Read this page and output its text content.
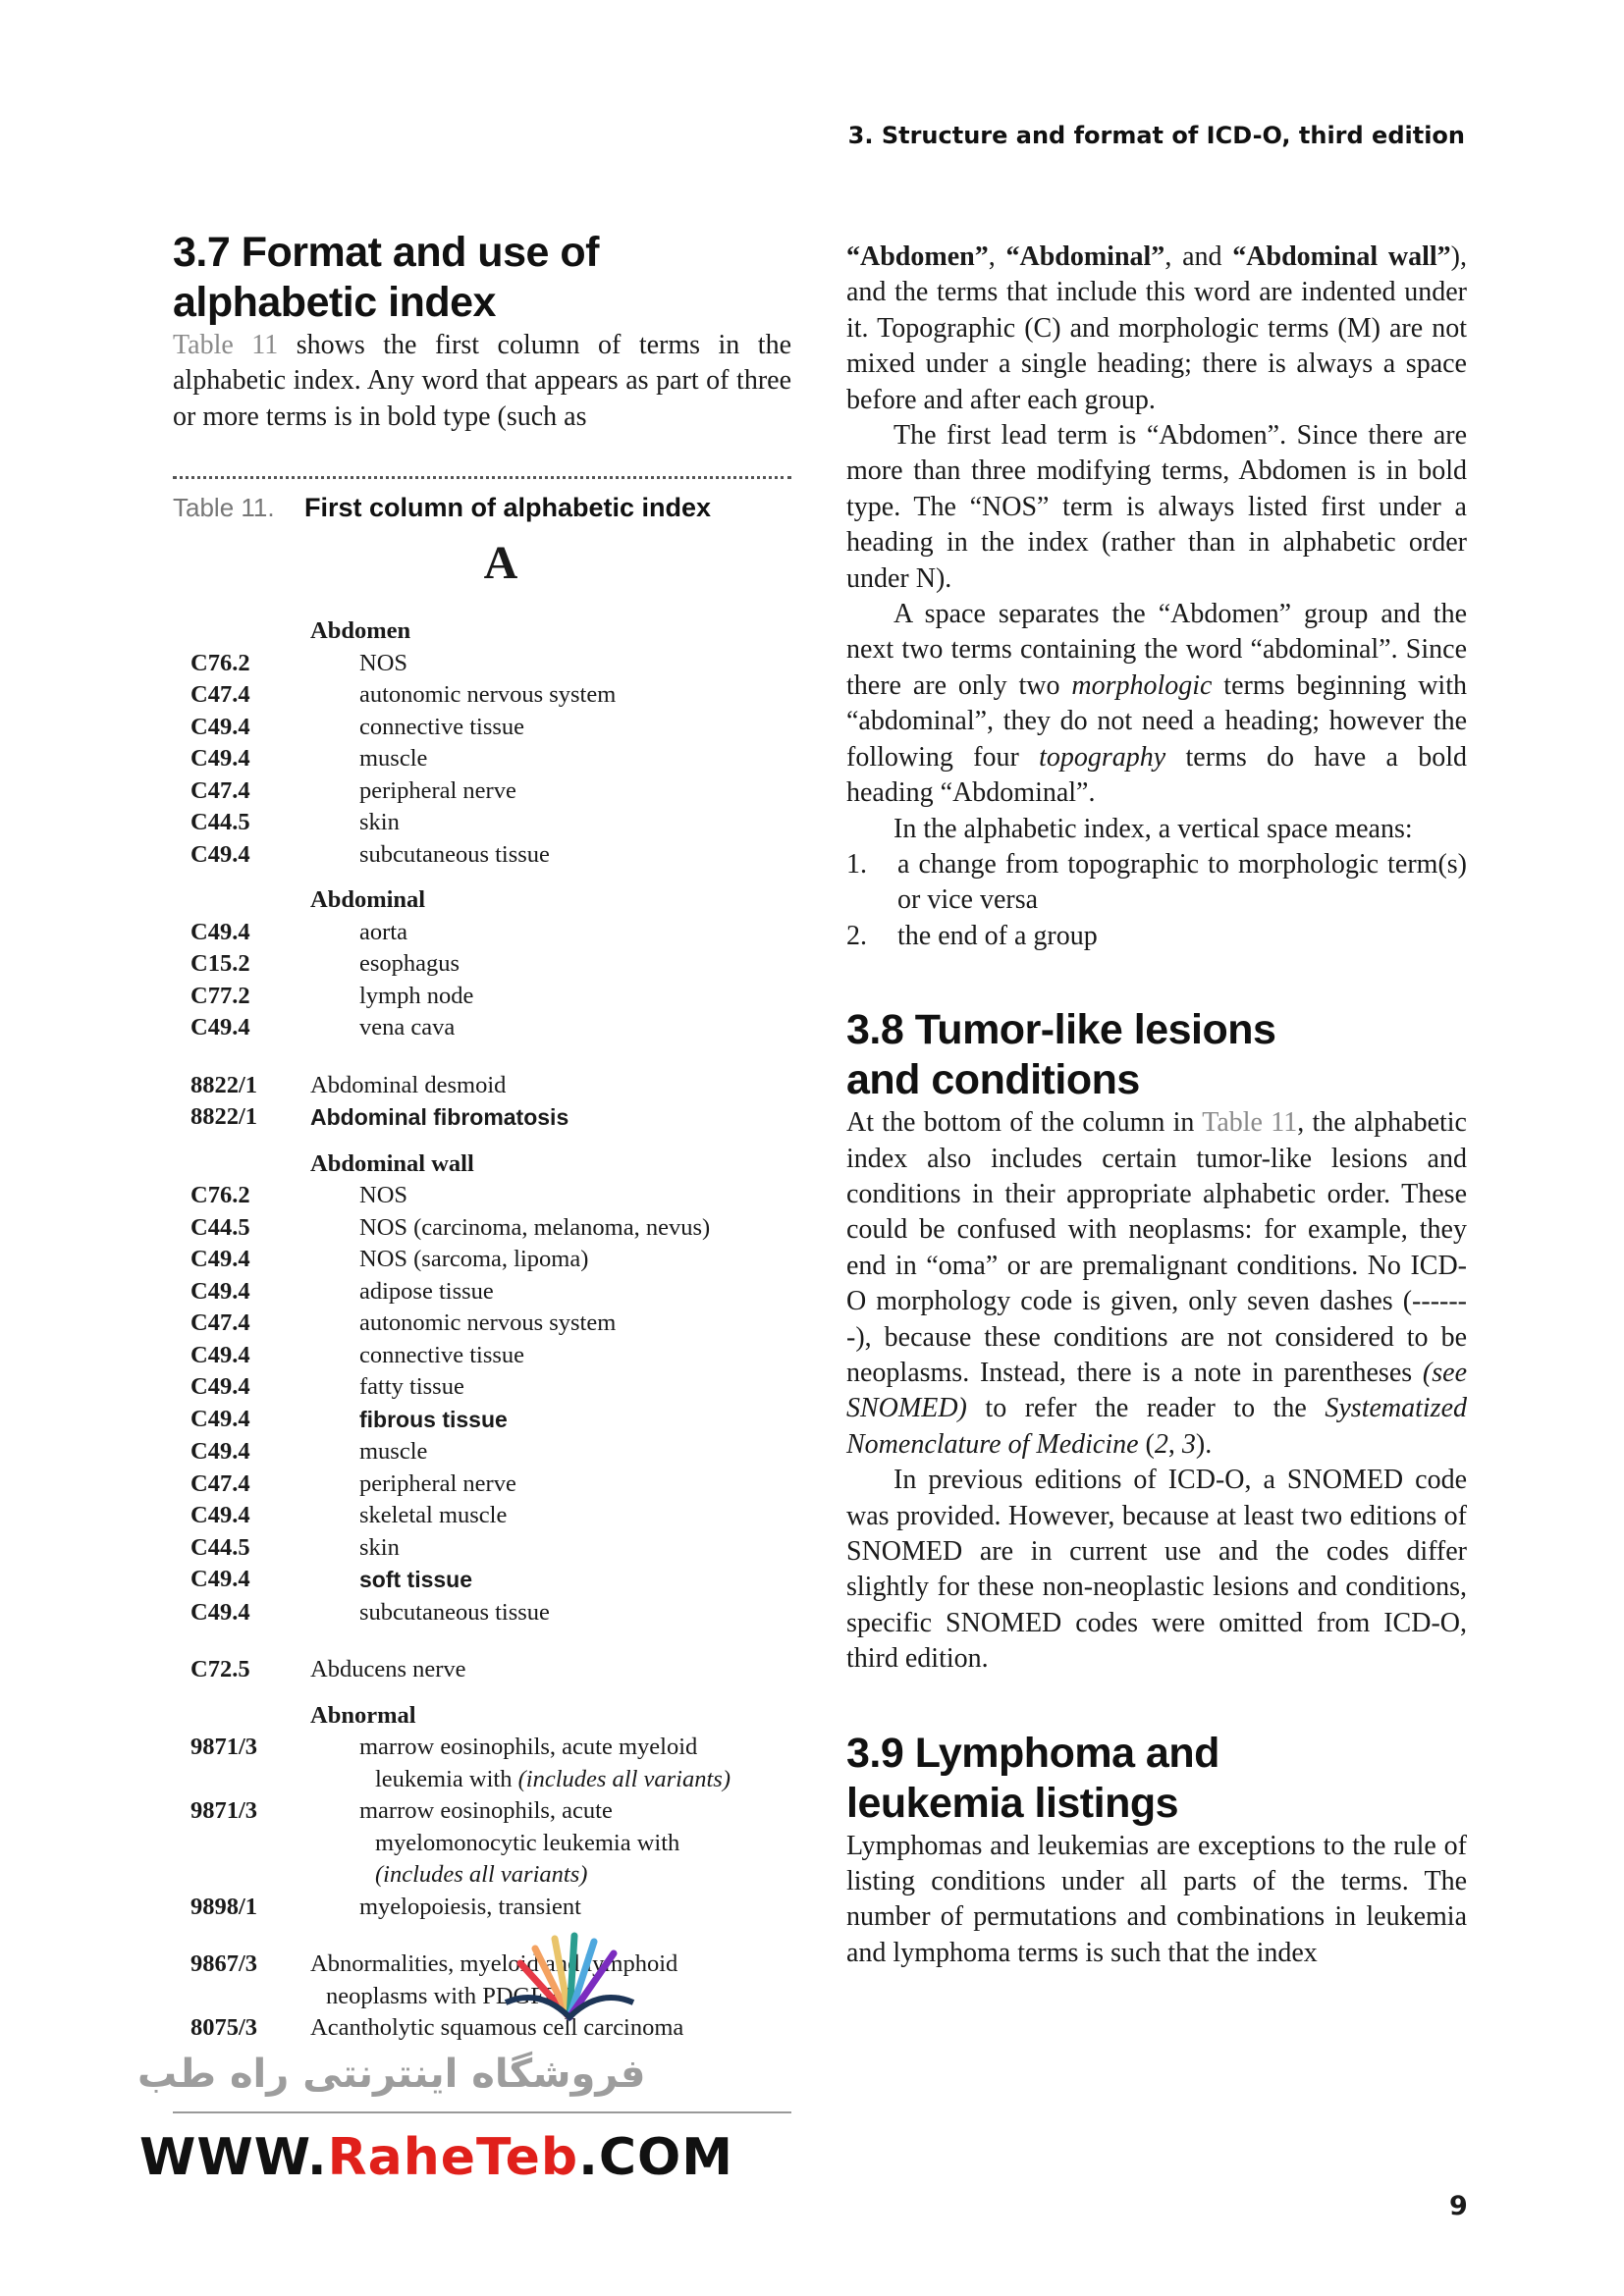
3. Structure and format of ICD-O, third edition
3.7 Format and use of
alphabetic index

Table 11 shows the first column of terms in the alphabetic index. Any word that appears as part of three or more terms is in bold type (such as

Table 11.	First column of alphabetic index
A
Abdomen
C76.2	NOS
C47.4	autonomic nervous system
C49.4	connective tissue
C49.4	muscle
C47.4	peripheral nerve
C44.5	skin
C49.4	subcutaneous tissue
Abdominal
C49.4	aorta
C15.2	esophagus
C77.2	lymph node
C49.4	vena cava
8822/1	Abdominal desmoid
8822/1	Abdominal fibromatosis
Abdominal wall
C76.2	NOS
C44.5	NOS (carcinoma, melanoma, nevus)
C49.4	NOS (sarcoma, lipoma)
C49.4	adipose tissue
C47.4	autonomic nervous system
C49.4	connective tissue
C49.4	fatty tissue
C49.4	fibrous tissue
C49.4	muscle
C47.4	peripheral nerve
C49.4	skeletal muscle
C44.5	skin
C49.4	soft tissue
C49.4	subcutaneous tissue
C72.5	Abducens nerve
Abnormal
9871/3	marrow eosinophils, acute myeloid
leukemia with (includes all variants)
9871/3	marrow eosinophils, acute
myelomonocytic leukemia with
(includes all variants)
9898/1	myelopoiesis, transient
9867/3	Abnormalities, myeloid and lymphoid
neoplasms with PDGFRA
8075/3	Acantholytic squamous cell carcinoma

“Abdomen”, “Abdominal”, and “Abdominal wall”), and the terms that include this word are indented under it. Topographic (C) and morphologic terms (M) are not mixed under a single heading; there is always a space before and after each group.

The first lead term is “Abdomen”. Since there are more than three modifying terms, Abdomen is in bold type. The “NOS” term is always listed first under a heading in the index (rather than in alphabetic order under N).

A space separates the “Abdomen” group and the next two terms containing the word “abdominal”. Since there are only two morphologic terms beginning with “abdominal”, they do not need a heading; however the following four topography terms do have a bold heading “Abdominal”.

In the alphabetic index, a vertical space means:

1.	a change from topographic to morphologic term(s) or vice versa
2.	the end of a group
3.8 Tumor-like lesions
and conditions

At the bottom of the column in Table 11, the alphabetic index also includes certain tumor-like lesions and conditions in their appropriate alphabetic order. These could be confused with neoplasms: for example, they end in “oma” or are premalignant conditions. No ICD-O morphology code is given, only seven dashes (-------), because these conditions are not considered to be neoplasms. Instead, there is a note in parentheses (see SNOMED) to refer the reader to the Systematized Nomenclature of Medicine (2, 3).

In previous editions of ICD-O, a SNOMED code was provided. However, because at least two editions of SNOMED are in current use and the codes differ slightly for these non-neoplastic lesions and conditions, specific SNOMED codes were omitted from ICD-O, third edition.

3.9 Lymphoma and
leukemia listings

Lymphomas and leukemias are exceptions to the rule of listing conditions under all parts of the terms. The number of permutations and combinations in leukemia and lymphoma terms is such that the index

فروشگاه اینترنتی راه طب
WWW.RaheTeb.COM
9
